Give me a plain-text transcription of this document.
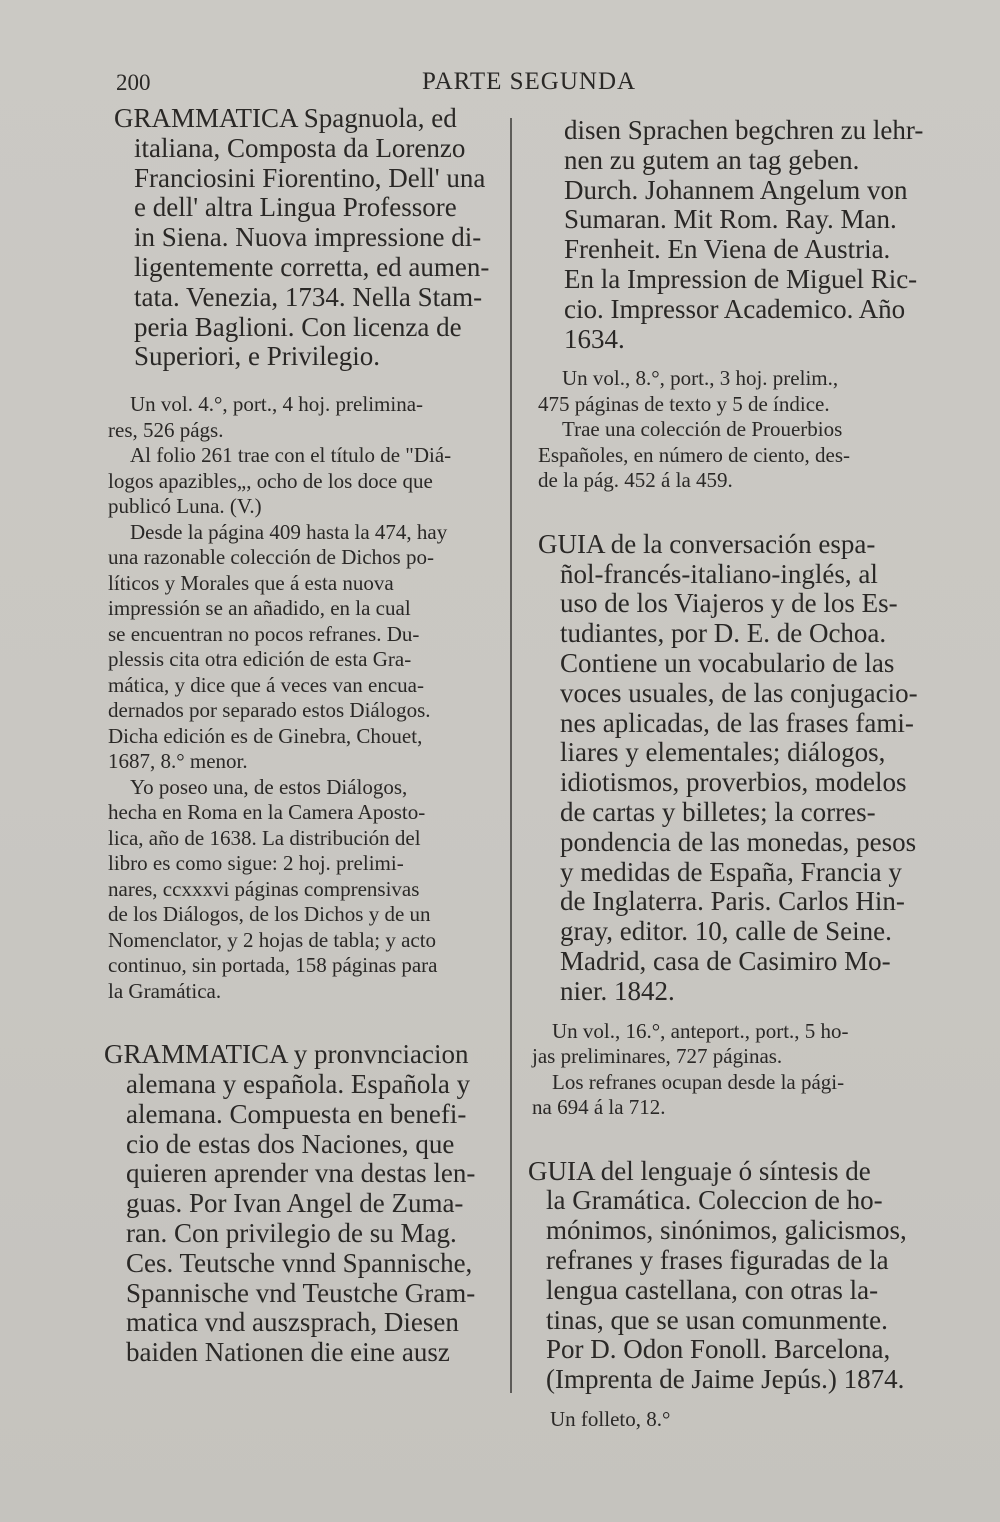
200	PARTE SEGUNDA
GRAMMATICA Spagnuola, ed
italiana, Composta da Lorenzo
Franciosini Fiorentino, Dell' una
e dell' altra Lingua Professore
in Siena. Nuova impressione di-
ligentemente corretta, ed aumen-
tata. Venezia, 1734. Nella Stam-
peria Baglioni. Con licenza de
Superiori, e Privilegio.
Un vol. 4.°, port., 4 hoj. prelimina-
res, 526 págs.
Al folio 261 trae con el título de "Diá-
logos apazibles„, ocho de los doce que
publicó Luna. (V.)
Desde la página 409 hasta la 474, hay
una razonable colección de Dichos po-
líticos y Morales que á esta nuova
impressión se an añadido, en la cual
se encuentran no pocos refranes. Du-
plessis cita otra edición de esta Gra-
mática, y dice que á veces van encua-
dernados por separado estos Diálogos.
Dicha edición es de Ginebra, Chouet,
1687, 8.° menor.
Yo poseo una, de estos Diálogos,
hecha en Roma en la Camera Aposto-
lica, año de 1638. La distribución del
libro es como sigue: 2 hoj. prelimi-
nares, ccxxxvi páginas comprensivas
de los Diálogos, de los Dichos y de un
Nomenclator, y 2 hojas de tabla; y acto
continuo, sin portada, 158 páginas para
la Gramática.
GRAMMATICA y pronvnciacion
alemana y española. Española y
alemana. Compuesta en benefi-
cio de estas dos Naciones, que
quieren aprender vna destas len-
guas. Por Ivan Angel de Zuma-
ran. Con privilegio de su Mag.
Ces. Teutsche vnnd Spannische,
Spannische vnd Teustche Gram-
matica vnd auszsprach, Diesen
baiden Nationen die eine ausz
disen Sprachen begchren zu lehr-
nen zu gutem an tag geben.
Durch. Johannem Angelum von
Sumaran. Mit Rom. Ray. Man.
Frenheit. En Viena de Austria.
En la Impression de Miguel Ric-
cio. Impressor Academico. Año
1634.
Un vol., 8.°, port., 3 hoj. prelim.,
475 páginas de texto y 5 de índice.
Trae una colección de Prouerbios
Españoles, en número de ciento, des-
de la pág. 452 á la 459.
GUIA de la conversación espa-
ñol-francés-italiano-inglés, al
uso de los Viajeros y de los Es-
tudiantes, por D. E. de Ochoa.
Contiene un vocabulario de las
voces usuales, de las conjugacio-
nes aplicadas, de las frases fami-
liares y elementales; diálogos,
idiotismos, proverbios, modelos
de cartas y billetes; la corres-
pondencia de las monedas, pesos
y medidas de España, Francia y
de Inglaterra. Paris. Carlos Hin-
gray, editor. 10, calle de Seine.
Madrid, casa de Casimiro Mo-
nier. 1842.
Un vol., 16.°, anteport., port., 5 ho-
jas preliminares, 727 páginas.
Los refranes ocupan desde la pági-
na 694 á la 712.
GUIA del lenguaje ó síntesis de
la Gramática. Coleccion de ho-
mónimos, sinónimos, galicismos,
refranes y frases figuradas de la
lengua castellana, con otras la-
tinas, que se usan comunmente.
Por D. Odon Fonoll. Barcelona,
(Imprenta de Jaime Jepús.) 1874.
Un folleto, 8.°
